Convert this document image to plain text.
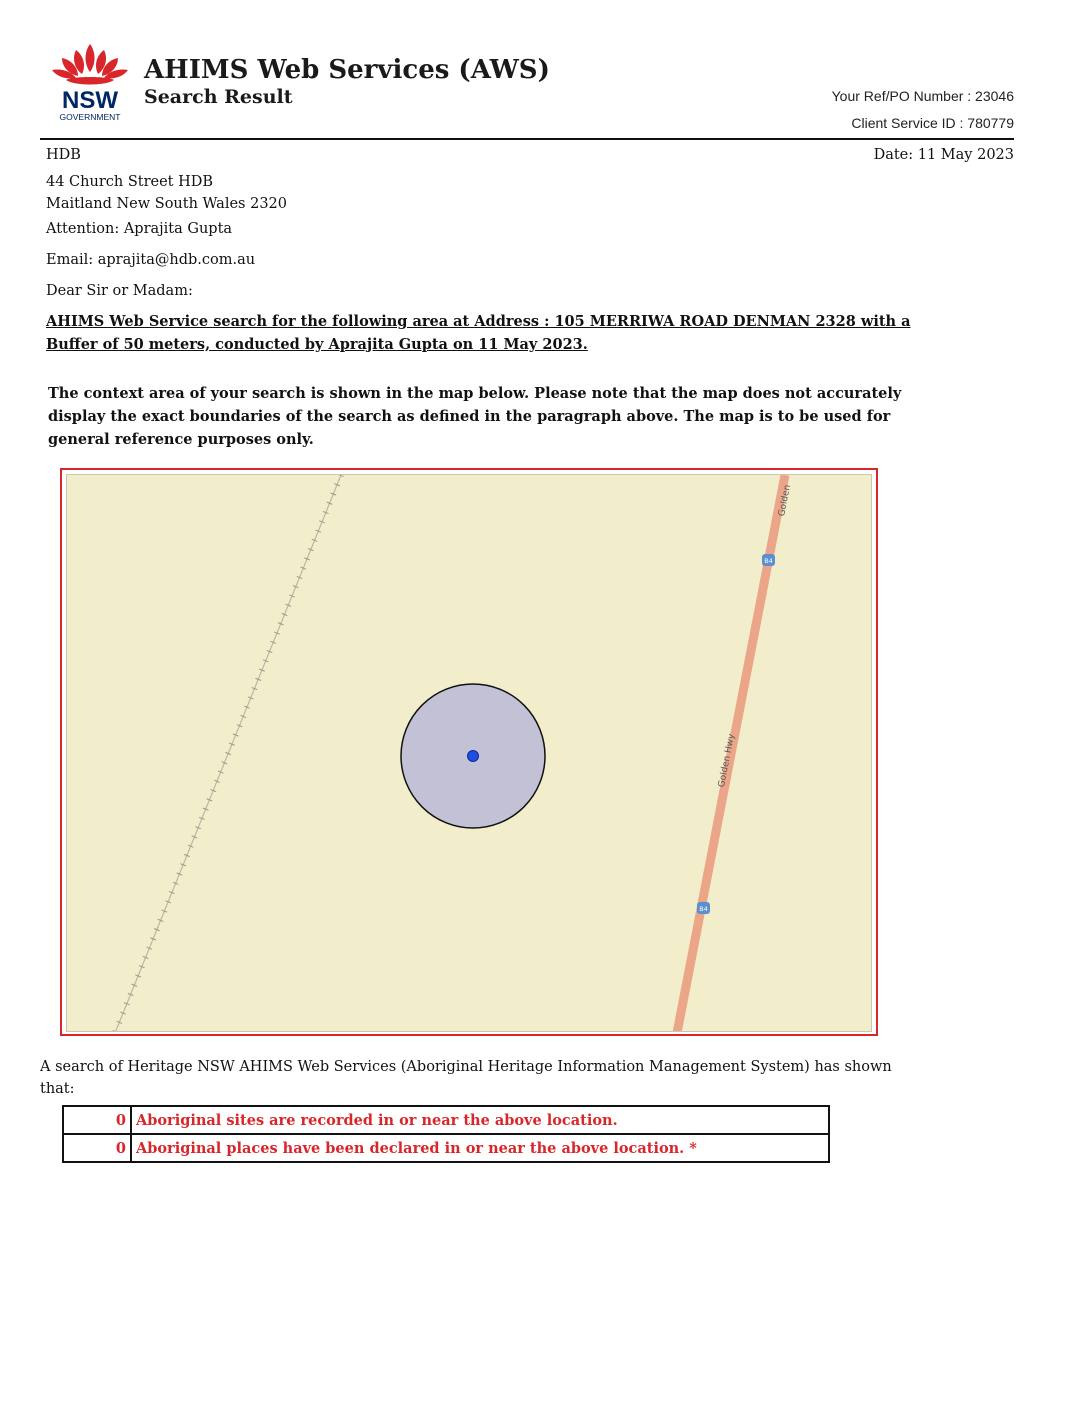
NSW
GOVERNMENT
AHIMS Web Services (AWS)
Search Result	Your Ref/PO Number : 23046
Client Service ID : 780779
HDB	Date: 11 May 2023
44 Church Street HDB
Maitland New South Wales 2320
Attention: Aprajita Gupta
Email: aprajita@hdb.com.au
Dear Sir or Madam:
AHIMS Web Service search for the following area at Address : 105 MERRIWA ROAD DENMAN 2328 with a
Buffer of 50 meters, conducted by Aprajita Gupta on 11 May 2023.
The context area of your search is shown in the map below. Please note that the map does not accurately
display the exact boundaries of the search as defined in the paragraph above. The map is to be used for
general reference purposes only.
Golden
Golden Hwy
B4
B4
A search of Heritage NSW AHIMS Web Services (Aboriginal Heritage Information Management System) has shown
that:
0	Aboriginal sites are recorded in or near the above location.
0	Aboriginal places have been declared in or near the above location. *
